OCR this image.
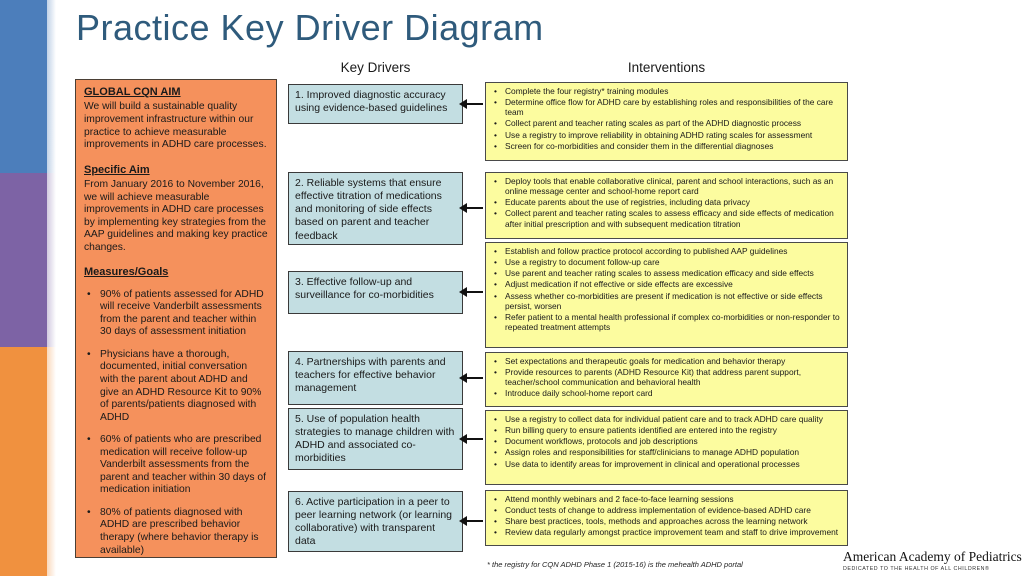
Practice Key Driver Diagram
Key Drivers	Interventions

GLOBAL CQN AIM

We will build a sustainable quality improvement infrastructure within our practice to achieve measurable improvements in ADHD care processes.

Specific Aim

From January 2016 to November 2016, we will achieve measurable improvements in ADHD care processes by implementing key strategies from the AAP guidelines and making key practice changes.

Measures/Goals

• 90% of patients assessed for ADHD will receive Vanderbilt assessments from the parent and teacher within 30 days of assessment initiation
• Physicians have a thorough, documented, initial conversation with the parent about ADHD and give an ADHD Resource Kit to 90% of parents/patients diagnosed with ADHD
• 60% of patients who are prescribed medication will receive follow-up Vanderbilt assessments from the parent and teacher within 30 days of medication initiation
• 80% of patients diagnosed with ADHD are prescribed behavior therapy (where behavior therapy is available)
1. Improved diagnostic accuracy using evidence-based guidelines
2. Reliable systems that ensure effective titration of medications and monitoring of side effects based on parent and teacher feedback
3. Effective follow-up and surveillance for co-morbidities
4. Partnerships with parents and teachers for effective behavior management
5. Use of population health strategies to manage children with ADHD and associated co-morbidities
6. Active participation in a peer to peer learning network (or learning collaborative) with transparent data
• Complete the four registry* training modules
• Determine office flow for ADHD care by establishing roles and responsibilities of the care team
• Collect parent and teacher rating scales as part of the ADHD diagnostic process
• Use a registry to improve reliability in obtaining ADHD rating scales for assessment
• Screen for co-morbidities and consider them in the differential diagnoses
• Deploy tools that enable collaborative clinical, parent and school interactions, such as an online message center and school-home report card
• Educate parents about the use of registries, including data privacy
• Collect parent and teacher rating scales to assess efficacy and side effects of medication after initial prescription and with subsequent medication titration
• Establish and follow practice protocol according to published AAP guidelines
• Use a registry to document follow-up care
• Use parent and teacher rating scales to assess medication efficacy and side effects
• Adjust medication if not effective or side effects are excessive
• Assess whether co-morbidities are present if medication is not effective or side effects persist, worsen
• Refer patient to a mental health professional if complex co-morbidities or non-responder to repeated treatment attempts
• Set expectations and therapeutic goals for medication and behavior therapy
• Provide resources to parents (ADHD Resource Kit) that address parent support, teacher/school communication and behavioral health
• Introduce daily school-home report card
• Use a registry to collect data for individual patient care and to track ADHD care quality
• Run billing query to ensure patients identified are entered into the registry
• Document workflows, protocols and job descriptions
• Assign roles and responsibilities for staff/clinicians to manage ADHD population
• Use data to identify areas for improvement in clinical and operational processes
• Attend monthly webinars and 2 face-to-face learning sessions
• Conduct tests of change to address implementation of evidence-based ADHD care
• Share best practices, tools, methods and approaches across the learning network
• Review data regularly amongst practice improvement team and staff to drive improvement
* the registry for CQN ADHD Phase 1 (2015-16) is the mehealth ADHD portal
American Academy of Pediatrics
DEDICATED TO THE HEALTH OF ALL CHILDREN®
